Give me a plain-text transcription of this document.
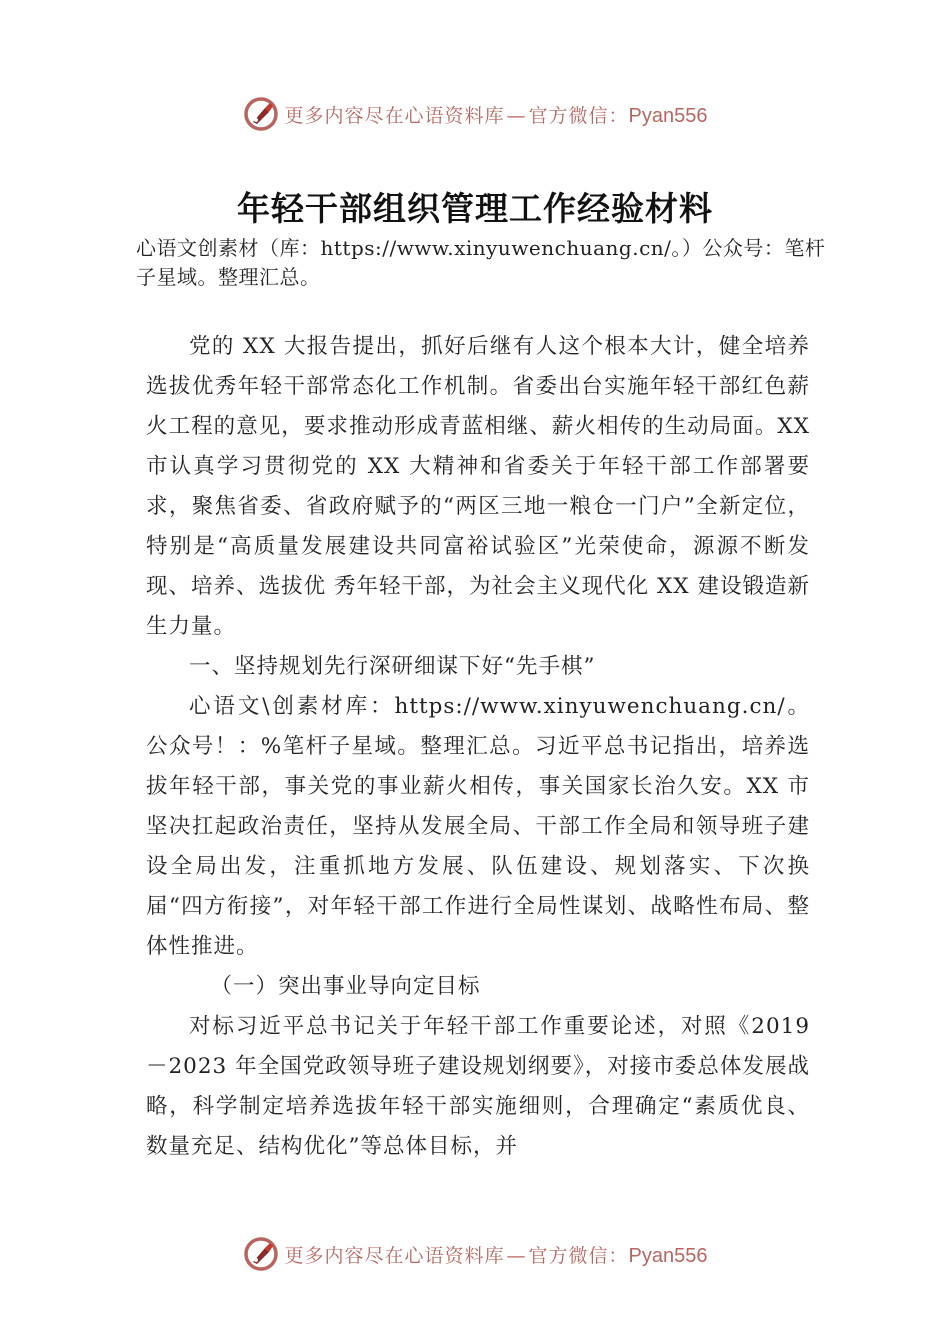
更多内容尽在心语资料库 — 官方微信：Pyan556
年轻干部组织管理工作经验材料
心语文创素材（库：https://www.xinyuwenchuang.cn/。）公众号：笔杆子星域。整理汇总。

党的 XX 大报告提出，抓好后继有人这个根本大计，健全培养选拔优秀年轻干部常态化工作机制。省委出台实施年轻干部红色薪火工程的意见，要求推动形成青蓝相继、薪火相传的生动局面。XX 市认真学习贯彻党的 XX 大精神和省委关于年轻干部工作部署要求，聚焦省委、省政府赋予的“两区三地一粮仓一门户”全新定位，特别是“高质量发展建设共同富裕试验区”光荣使命，源源不断发现、培养、选拔优 秀年轻干部，为社会主义现代化 XX 建设锻造新生力量。

一、坚持规划先行深研细谋下好“先手棋”

心语文\创素材库：https://www.xinyuwenchuang.cn/。公众号！：%笔杆子星域。整理汇总。习近平总书记指出，培养选拔年轻干部，事关党的事业薪火相传，事关国家长治久安。XX 市坚决扛起政治责任，坚持从发展全局、干部工作全局和领导班子建设全局出发，注重抓地方发展、队伍建设、规划落实、下次换届“四方衔接”，对年轻干部工作进行全局性谋划、战略性布局、整体性推进。

（一）突出事业导向定目标

对标习近平总书记关于年轻干部工作重要论述，对照《2019－2023 年全国党政领导班子建设规划纲要》，对接市委总体发展战略，科学制定培养选拔年轻干部实施细则，合理确定“素质优良、数量充足、结构优化”等总体目标，并

更多内容尽在心语资料库 — 官方微信：Pyan556
